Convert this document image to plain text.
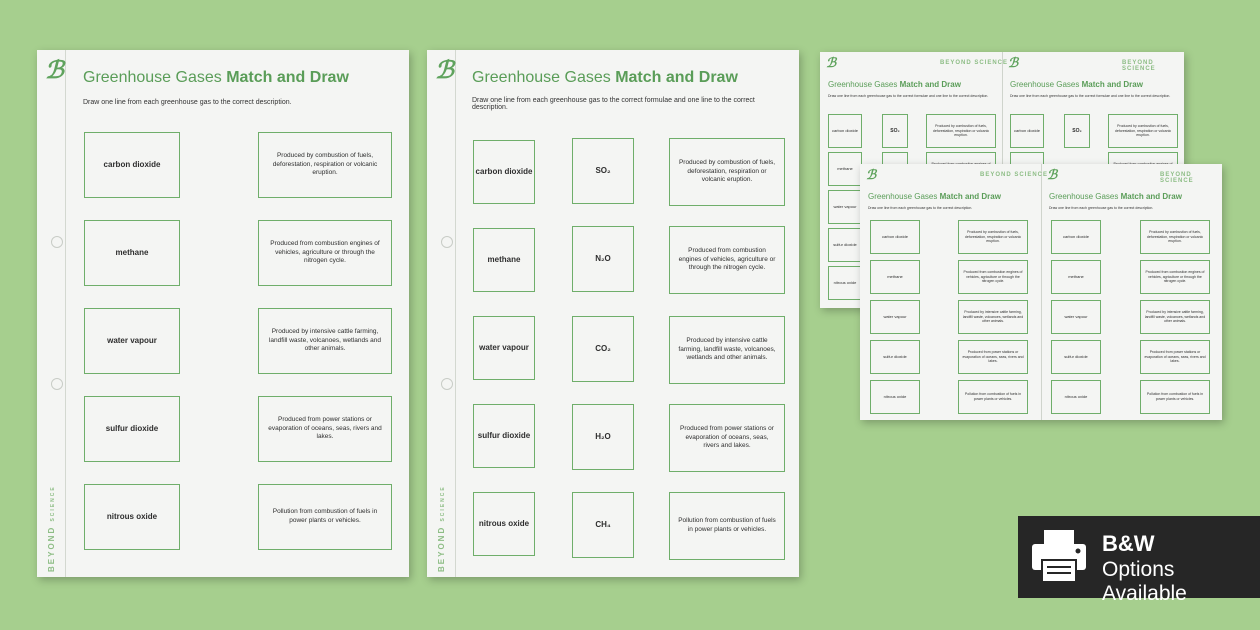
ℬ
BEYOND SCIENCE
Greenhouse Gases Match and Draw
Draw one line from each greenhouse gas to the correct description.
carbon dioxide
methane
water vapour
sulfur dioxide
nitrous oxide
Produced by combustion of fuels, deforestation, respiration or volcanic eruption.
Produced from combustion engines of vehicles, agriculture or through the nitrogen cycle.
Produced by intensive cattle farming, landfill waste, volcanoes, wetlands and other animals.
Produced from power stations or evaporation of oceans, seas, rivers and lakes.
Pollution from combustion of fuels in power plants or vehicles.
ℬ
BEYOND SCIENCE
Greenhouse Gases Match and Draw
Draw one line from each greenhouse gas to the correct formulae and one line to the correct description.
carbon dioxide
methane
water vapour
sulfur dioxide
nitrous oxide
SO₂
N₂O
CO₂
H₂O
CH₄
Produced by combustion of fuels, deforestation, respiration or volcanic eruption.
Produced from combustion engines of vehicles, agriculture or through the nitrogen cycle.
Produced by intensive cattle farming, landfill waste, volcanoes, wetlands and other animals.
Produced from power stations or evaporation of oceans, seas, rivers and lakes.
Pollution from combustion of fuels in power plants or vehicles.
ℬ	BEYOND SCIENCE
Greenhouse Gases Match and Draw
Draw one line from each greenhouse gas to the correct formulae and one line to the correct description.
carbon dioxide
methane
water vapour
sulfur dioxide
nitrous oxide
SO₂
Produced by combustion of fuels, deforestation, respiration or volcanic eruption.
ℬ	BEYOND SCIENCE
Greenhouse Gases Match and Draw
Draw one line from each greenhouse gas to the correct formulae and one line to the correct description.
carbon dioxide	SO₂
Produced by combustion of fuels, deforestation, respiration or volcanic eruption.
ℬ	BEYOND SCIENCE
Greenhouse Gases Match and Draw
Draw one line from each greenhouse gas to the correct description.
carbon dioxide
methane
water vapour
sulfur dioxide
nitrous oxide
Produced by combustion of fuels, deforestation, respiration or volcanic eruption.
Produced from combustion engines of vehicles, agriculture or through the nitrogen cycle.
Produced by intensive cattle farming, landfill waste, volcanoes, wetlands and other animals.
Produced from power stations or evaporation of oceans, seas, rivers and lakes.
Pollution from combustion of fuels in power plants or vehicles.
ℬ	BEYOND SCIENCE
Greenhouse Gases Match and Draw
Draw one line from each greenhouse gas to the correct description.
carbon dioxide
methane
water vapour
sulfur dioxide
nitrous oxide
Produced by combustion of fuels, deforestation, respiration or volcanic eruption.
Produced from combustion engines of vehicles, agriculture or through the nitrogen cycle.
Produced by intensive cattle farming, landfill waste, volcanoes, wetlands and other animals.
Produced from power stations or evaporation of oceans, seas, rivers and lakes.
Pollution from combustion of fuels in power plants or vehicles.
B&W
Options Available
